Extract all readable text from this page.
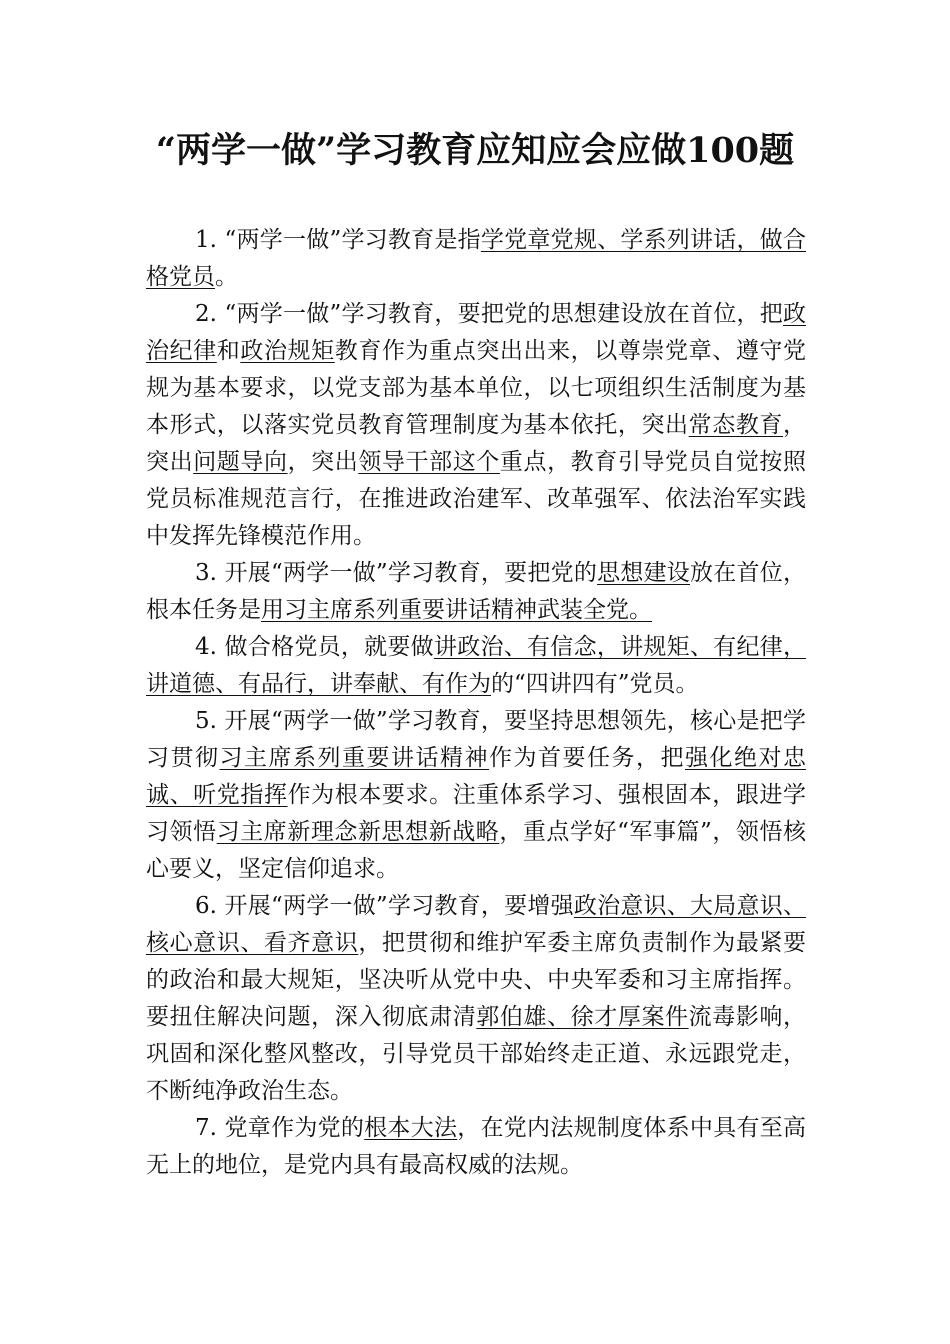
“两学一做”学习教育应知应会应做100题

1. “两学一做”学习教育是指学党章党规、学系列讲话，做合格党员。

2. “两学一做”学习教育，要把党的思想建设放在首位，把政治纪律和政治规矩教育作为重点突出出来，以尊崇党章、遵守党规为基本要求，以党支部为基本单位，以七项组织生活制度为基本形式，以落实党员教育管理制度为基本依托，突出常态教育，突出问题导向，突出领导干部这个重点，教育引导党员自觉按照党员标准规范言行，在推进政治建军、改革强军、依法治军实践中发挥先锋模范作用。

3. 开展“两学一做”学习教育，要把党的思想建设放在首位，根本任务是用习主席系列重要讲话精神武装全党。

4. 做合格党员，就要做讲政治、有信念，讲规矩、有纪律，讲道德、有品行，讲奉献、有作为的“四讲四有”党员。

5. 开展“两学一做”学习教育，要坚持思想领先，核心是把学习贯彻习主席系列重要讲话精神作为首要任务，把强化绝对忠诚、听党指挥作为根本要求。注重体系学习、强根固本，跟进学习领悟习主席新理念新思想新战略，重点学好“军事篇”，领悟核心要义，坚定信仰追求。

6. 开展“两学一做”学习教育，要增强政治意识、大局意识、核心意识、看齐意识，把贯彻和维护军委主席负责制作为最紧要的政治和最大规矩，坚决听从党中央、中央军委和习主席指挥。要扭住解决问题，深入彻底肃清郭伯雄、徐才厚案件流毒影响，巩固和深化整风整改，引导党员干部始终走正道、永远跟党走，不断纯净政治生态。

7. 党章作为党的根本大法，在党内法规制度体系中具有至高无上的地位，是党内具有最高权威的法规。
